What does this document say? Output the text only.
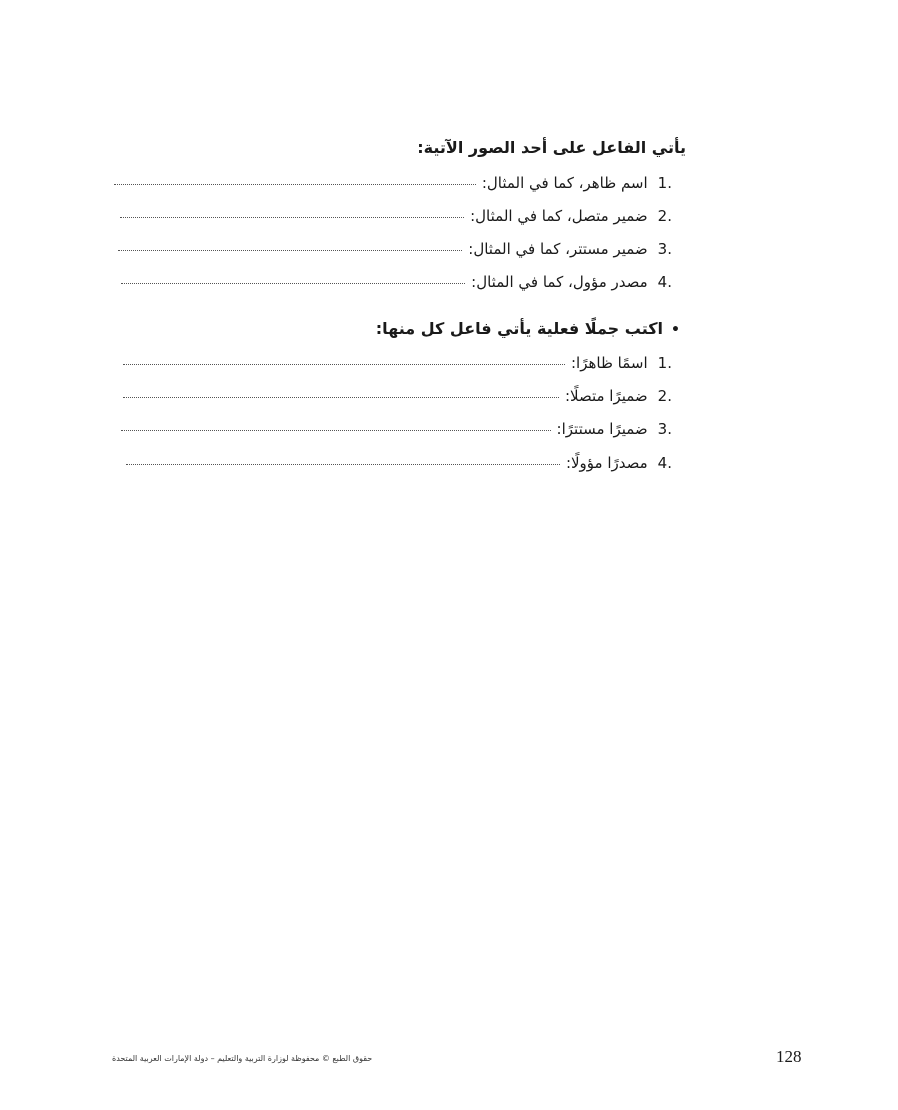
يأتي الفاعل على أحد الصور الآتية:
.1
اسم ظاهر، كما في المثال:
.2
ضمير متصل، كما في المثال:
.3
ضمير مستتر، كما في المثال:
.4
مصدر مؤول، كما في المثال:
•اكتب جملًا فعلية يأتي فاعل كل منها:
.1
اسمًا ظاهرًا:
.2
ضميرًا متصلًا:
.3
ضميرًا مستترًا:
.4
مصدرًا مؤولًا:
حقوق الطبع © محفوظة لوزارة التربية والتعليم – دولة الإمارات العربية المتحدة	128
